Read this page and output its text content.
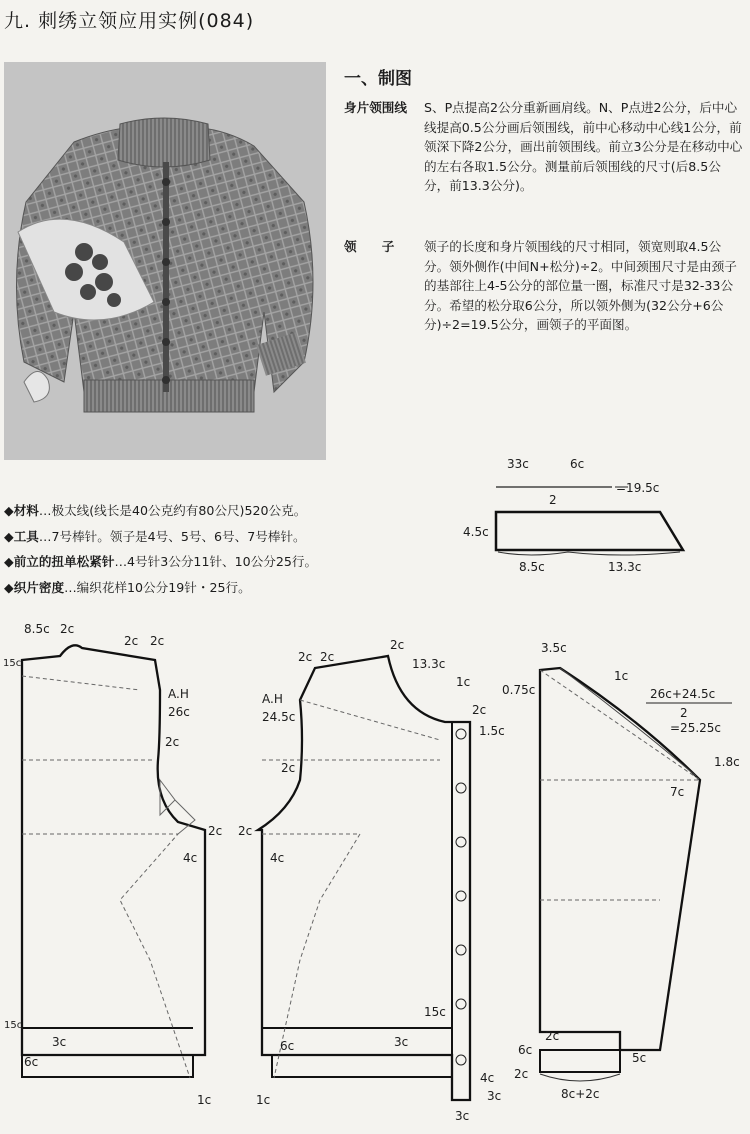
九. 刺绣立领应用实例(084)
一、制图
身片领围线	S、P点提高2公分重新画肩线。N、P点进2公分，后中心线提高0.5公分画后领围线，前中心移动中心线1公分，前领深下降2公分，画出前领围线。前立3公分是在移动中心的左右各取1.5公分。测量前后领围线的尺寸(后8.5公分，前13.3公分)。
领　　子	领子的长度和身片领围线的尺寸相同，领宽则取4.5公分。领外侧作(中间N+松分)÷2。中间颈围尺寸是由颈子的基部往上4-5公分的部位量一圈，标准尺寸是32-33公分。希望的松分取6公分，所以领外侧为(32公分+6公分)÷2=19.5公分，画领子的平面图。
◆材料…极太线(线长是40公克约有80公尺)520公克。
◆工具…7号棒针。领子是4号、5号、6号、7号棒针。
◆前立的扭单松紧针…4号针3公分11针、10公分25行。
◆织片密度…编织花样10公分19针・25行。
33c	6c
2
=19.5c
4.5c
8.5c	13.3c
8.5c 2c
2c 2c
15c
A.H
26c
2c
2c
4c
15c
3c
6c
1c
2c 2c
2c
13.3c
1c
2c
1.5c
A.H
24.5c
2c
2c
4c
15c
3c
6c
1c
4c
3c
3c
3.5c
1c
0.75c	26c+24.5c
2
=25.25c
1.8c
7c
2c
6c
2c
5c
8c+2c
